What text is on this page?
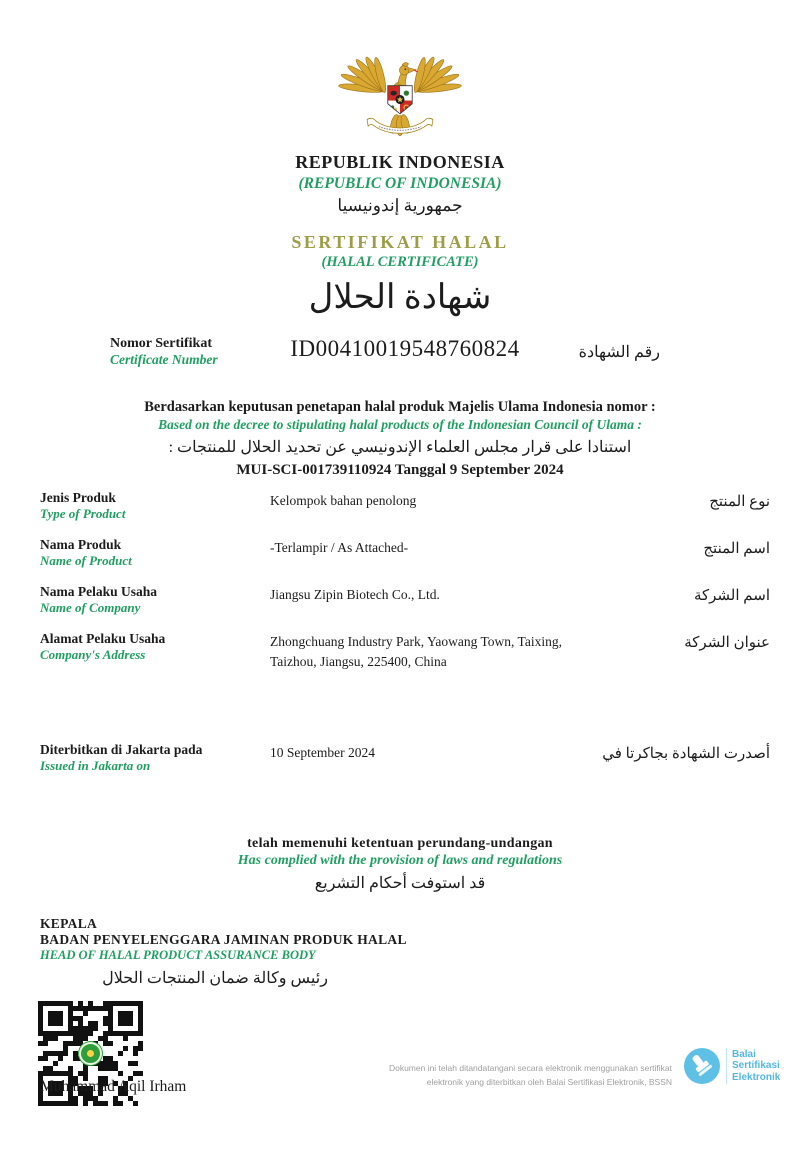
REPUBLIK INDONESIA
(REPUBLIC OF INDONESIA)
جمهورية إندونيسيا
SERTIFIKAT HALAL
(HALAL CERTIFICATE)
شهادة الحلال
Nomor Sertifikat
Certificate Number	ID00410019548760824	رقم الشهادة
Berdasarkan keputusan penetapan halal produk Majelis Ulama Indonesia nomor :
Based on the decree to stipulating halal products of the Indonesian Council of Ulama :
استنادا على قرار مجلس العلماء الإندونيسي عن تحديد الحلال للمنتجات :
MUI-SCI-001739110924 Tanggal 9 September 2024
Jenis Produk
Type of Product
Kelompok bahan penolong	نوع المنتج
Nama Produk
Name of Product
-Terlampir / As Attached-	اسم المنتج
Nama Pelaku Usaha
Name of Company
Jiangsu Zipin Biotech Co., Ltd.	اسم الشركة
Alamat Pelaku Usaha
Company's Address
Zhongchuang Industry Park, Yaowang Town, Taixing, Taizhou, Jiangsu, 225400, China
عنوان الشركة
Diterbitkan di Jakarta pada
Issued in Jakarta on
10 September 2024	أصدرت الشهادة بجاكرتا في
telah memenuhi ketentuan perundang-undangan
Has complied with the provision of laws and regulations
قد استوفت أحكام التشريع
KEPALA
BADAN PENYELENGGARA JAMINAN PRODUK HALAL
HEAD OF HALAL PRODUCT ASSURANCE BODY
رئيس وكالة ضمان المنتجات الحلال
Muhammad Aqil Irham
Dokumen ini telah ditandatangani secara elektronik menggunakan sertifikat elektronik yang diterbitkan oleh Balai Sertifikasi Elektronik, BSSN
Balai
Sertifikasi
Elektronik
